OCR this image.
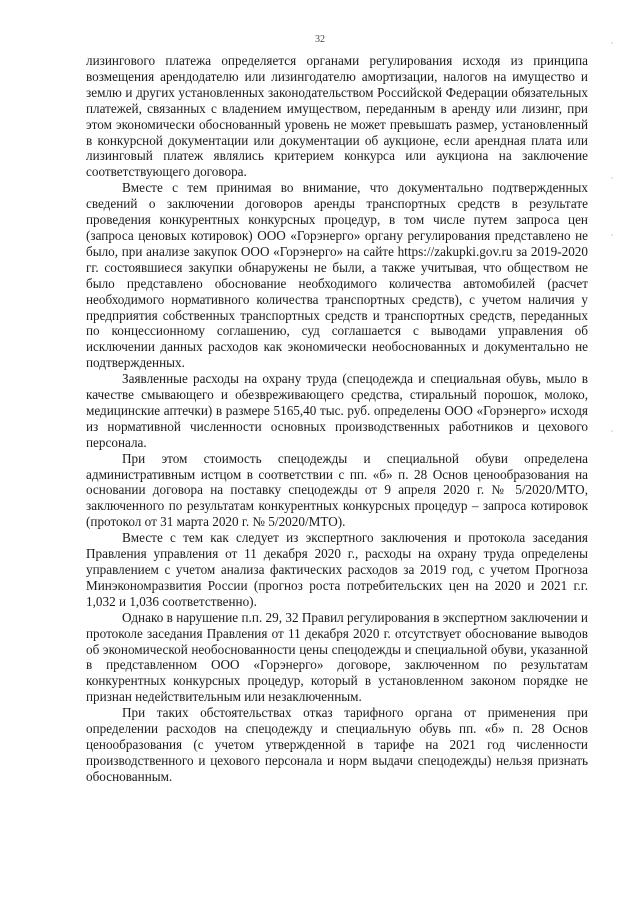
32	·
·
·
·

лизингового платежа определяется органами регулирования исходя из принципа возмещения арендодателю или лизингодателю амортизации, налогов на имущество и землю и других установленных законодательством Российской Федерации обязательных платежей, связанных с владением имуществом, переданным в аренду или лизинг, при этом экономически обоснованный уровень не может превышать размер, установленный в конкурсной документации или документации об аукционе, если арендная плата или лизинговый платеж являлись критерием конкурса или аукциона на заключение соответствующего договора.

Вместе с тем принимая во внимание, что документально подтвержденных сведений о заключении договоров аренды транспортных средств в результате проведения конкурентных конкурсных процедур, в том числе путем запроса цен (запроса ценовых котировок) ООО «Горэнерго» органу регулирования представлено не было, при анализе закупок ООО «Горэнерго» на сайте https://zakupki.gov.ru за 2019-2020 гг. состоявшиеся закупки обнаружены не были, а также учитывая, что обществом не было представлено обоснование необходимого количества автомобилей (расчет необходимого нормативного количества транспортных средств), с учетом наличия у предприятия собственных транспортных средств и транспортных средств, переданных по концессионному соглашению, суд соглашается с выводами управления об исключении данных расходов как экономически необоснованных и документально не подтвержденных.

Заявленные расходы на охрану труда (спецодежда и специальная обувь, мыло в качестве смывающего и обезвреживающего средства, стиральный порошок, молоко, медицинские аптечки) в размере 5165,40 тыс. руб. определены ООО «Горэнерго» исходя из нормативной численности основных производственных работников и цехового персонала.

При этом стоимость спецодежды и специальной обуви определена административным истцом в соответствии с пп. «б» п. 28 Основ ценообразования на основании договора на поставку спецодежды от 9 апреля 2020 г. № 5/2020/МТО, заключенного по результатам конкурентных конкурсных процедур – запроса котировок (протокол от 31 марта 2020 г. № 5/2020/МТО).

Вместе с тем как следует из экспертного заключения и протокола заседания Правления управления от 11 декабря 2020 г., расходы на охрану труда определены управлением с учетом анализа фактических расходов за 2019 год, с учетом Прогноза Минэкономразвития России (прогноз роста потребительских цен на 2020 и 2021 г.г. 1,032 и 1,036 соответственно).

Однако в нарушение п.п. 29, 32 Правил регулирования в экспертном заключении и протоколе заседания Правления от 11 декабря 2020 г. отсутствует обоснование выводов об экономической необоснованности цены спецодежды и специальной обуви, указанной в представленном ООО «Горэнерго» договоре, заключенном по результатам конкурентных конкурсных процедур, который в установленном законом порядке не признан недействительным или незаключенным.

При таких обстоятельствах отказ тарифного органа от применения при определении расходов на спецодежду и специальную обувь пп. «б» п. 28 Основ ценообразования (с учетом утвержденной в тарифе на 2021 год численности производственного и цехового персонала и норм выдачи спецодежды) нельзя признать обоснованным.
